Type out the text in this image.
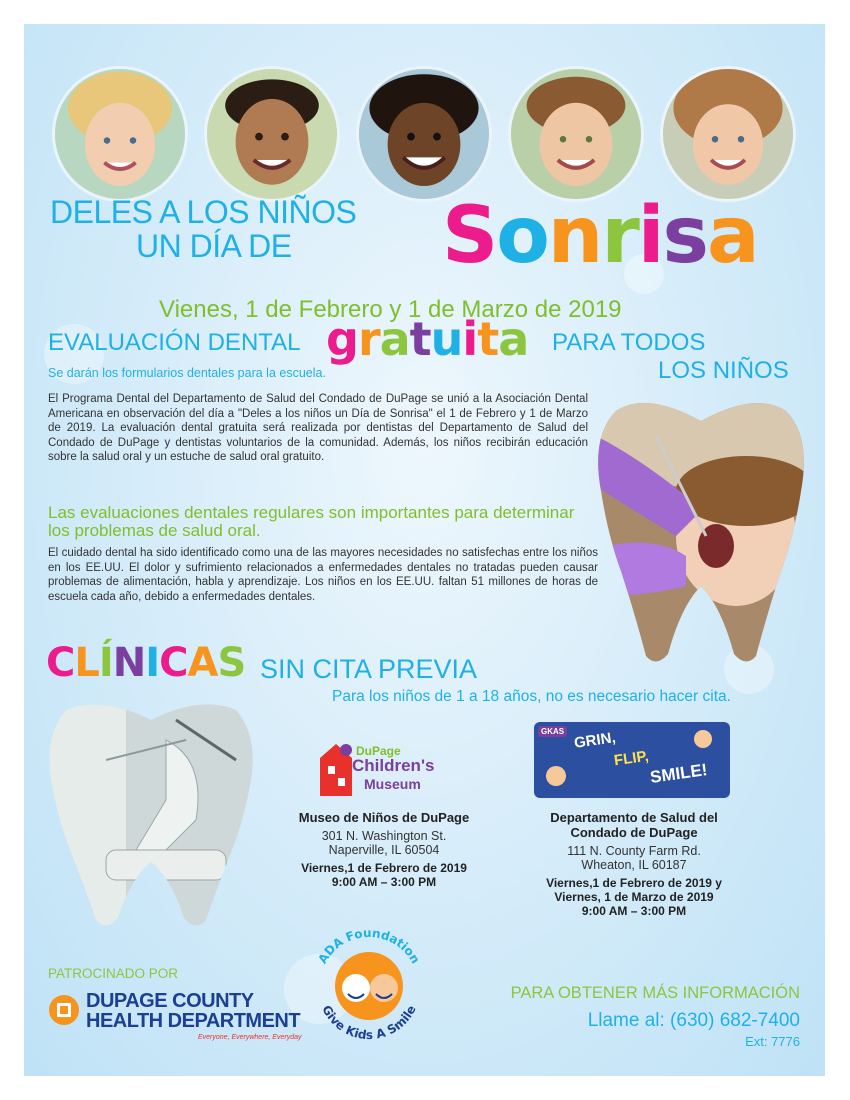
DELES A LOS NIÑOS
UN DÍA DE Sonrisa
Vienes, 1 de Febrero y 1 de Marzo de 2019
EVALUACIÓN DENTAL gratuita PARA TODOS
LOS NIÑOS
Se darán los formularios dentales para la escuela.
El Programa Dental del Departamento de Salud del Condado de DuPage se unió a la Asociación Dental Americana en observación del día a "Deles a los niños un Día de Sonrisa" el 1 de Febrero y 1 de Marzo de 2019. La evaluación dental gratuita será realizada por dentistas del Departamento de Salud del Condado de DuPage y dentistas voluntarios de la comunidad. Además, los niños recibirán educación sobre la salud oral y un estuche de salud oral gratuito.
Las evaluaciones dentales regulares son importantes para determinar los problemas de salud oral.
El cuidado dental ha sido identificado como una de las mayores necesidades no satisfechas entre los niños en los EE.UU. El dolor y sufrimiento relacionados a enfermedades dentales no tratadas pueden causar problemas de alimentación, habla y aprendizaje. Los niños en los EE.UU. faltan 51 millones de horas de escuela cada año, debido a enfermedades dentales.
CLÍNICAS SIN CITA PREVIA
Para los niños de 1 a 18 años, no es necesario hacer cita.
DuPage
Children's
Museum
GKAS GRIN,
FLIP,
SMILE!
Museo de Niños de DuPage
301 N. Washington St.
Naperville, IL 60504
Viernes,1 de Febrero de 2019
9:00 AM – 3:00 PM
Departamento de Salud del
Condado de DuPage
111 N. County Farm Rd.
Wheaton, IL 60187
Viernes,1 de Febrero de 2019 y
Viernes, 1 de Marzo de 2019
9:00 AM – 3:00 PM
PATROCINADO POR
DUPAGE COUNTY
HEALTH DEPARTMENT
Everyone, Everywhere, Everyday
ADA Foundation
Give Kids A Smile
PARA OBTENER MÁS INFORMACIÓN
Llame al: (630) 682-7400
Ext: 7776
